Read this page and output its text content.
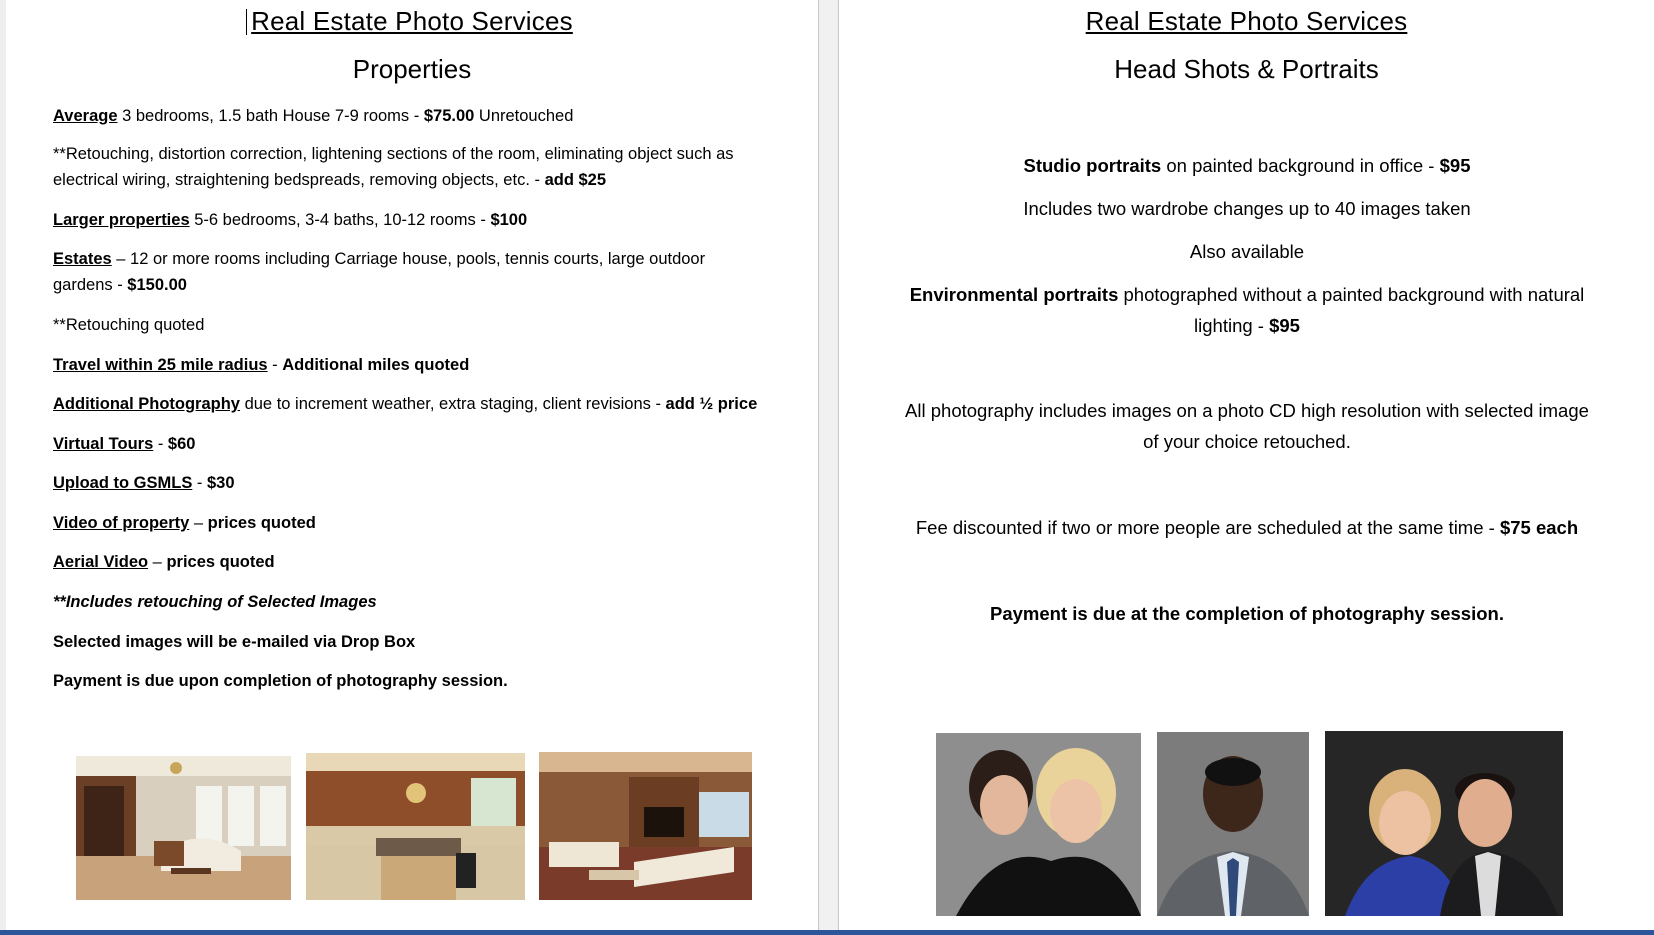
Real Estate Photo Services
Properties
Average 3 bedrooms, 1.5 bath House 7-9 rooms - $75.00 Unretouched
**Retouching, distortion correction, lightening sections of the room, eliminating object such as electrical wiring, straightening bedspreads, removing objects, etc. - add $25
Larger properties 5-6 bedrooms, 3-4 baths, 10-12 rooms - $100
Estates – 12 or more rooms including Carriage house, pools, tennis courts, large outdoor gardens - $150.00
**Retouching quoted
Travel within 25 mile radius - Additional miles quoted
Additional Photography due to increment weather, extra staging, client revisions - add ½ price
Virtual Tours - $60
Upload to GSMLS - $30
Video of property – prices quoted
Aerial Video – prices quoted
**Includes retouching of Selected Images
Selected images will be e-mailed via Drop Box
Payment is due upon completion of photography session.
Real Estate Photo Services
Head Shots & Portraits
Studio portraits on painted background in office - $95
Includes two wardrobe changes up to 40 images taken
Also available
Environmental portraits photographed without a painted background with natural lighting - $95
All photography includes images on a photo CD high resolution with selected image of your choice retouched.
Fee discounted if two or more people are scheduled at the same time - $75 each
Payment is due at the completion of photography session.
